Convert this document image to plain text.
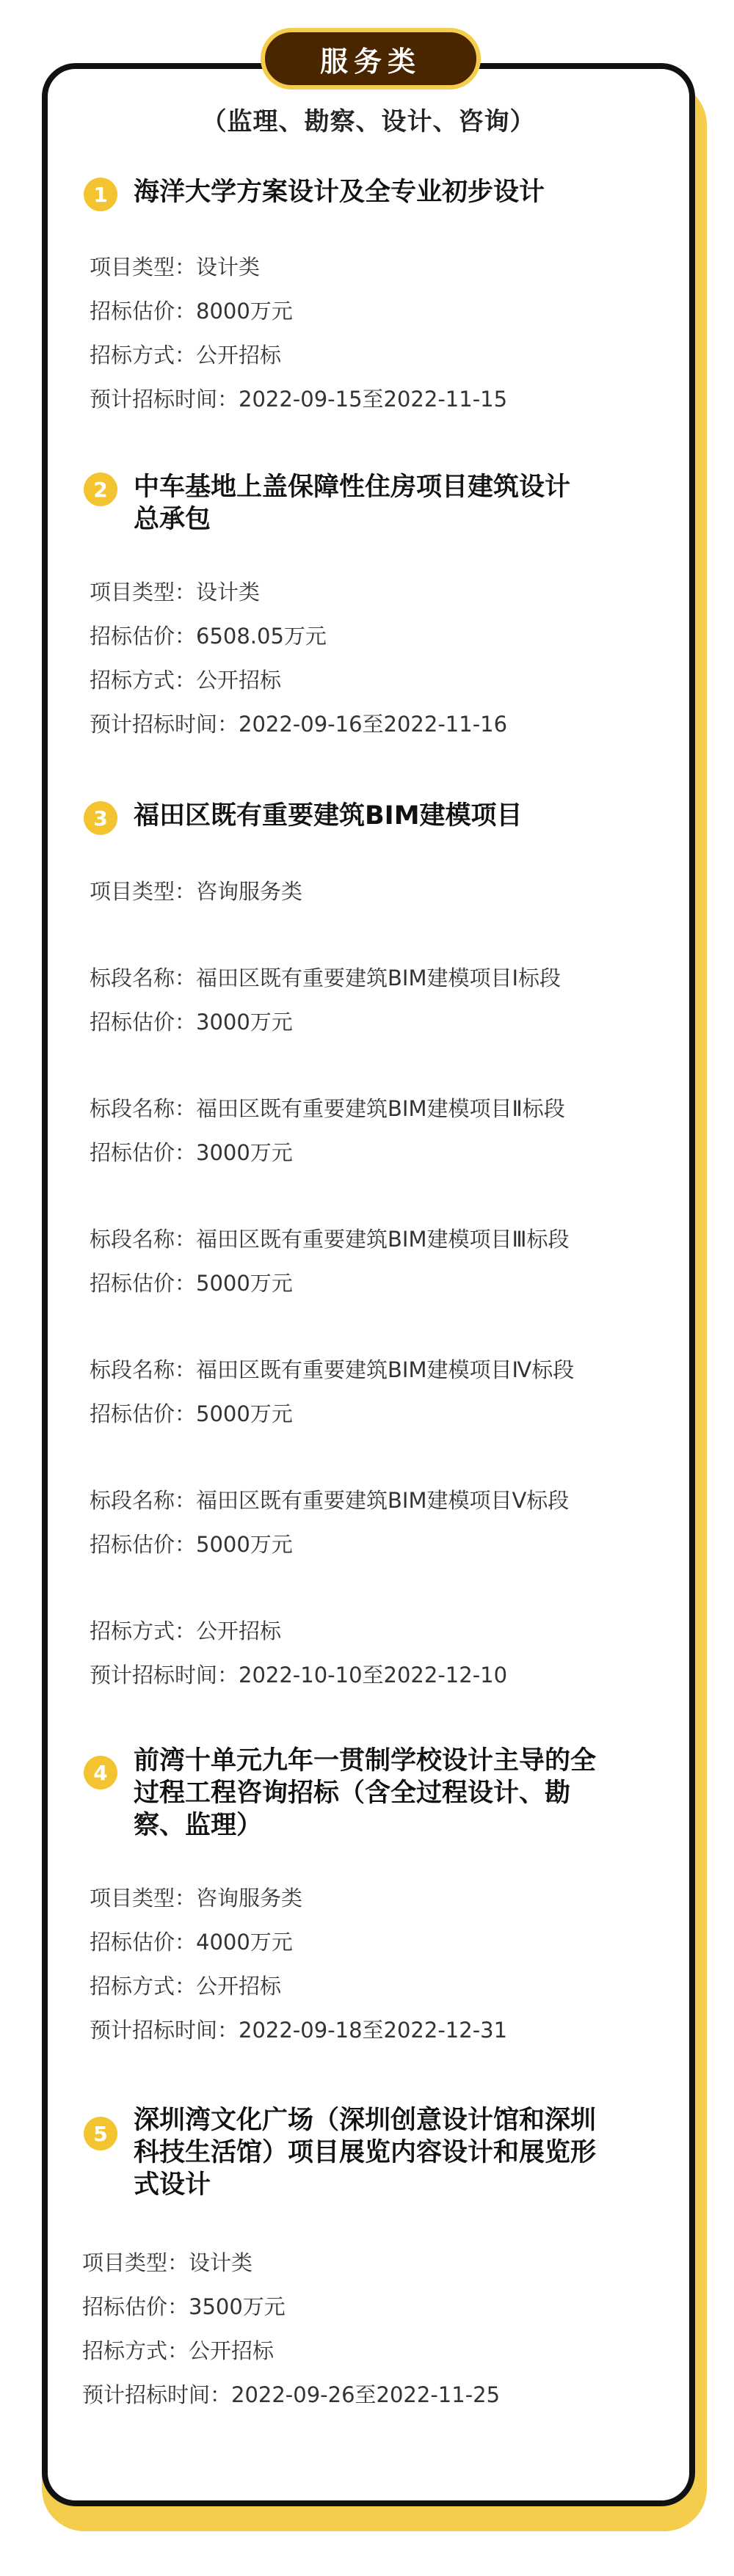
服务类
（监理、勘察、设计、咨询）
1	海洋大学方案设计及全专业初步设计
项目类型：设计类
招标估价：8000万元
招标方式：公开招标
预计招标时间：2022-09-15至2022-11-15
2	中车基地上盖保障性住房项目建筑设计
总承包
项目类型：设计类
招标估价：6508.05万元
招标方式：公开招标
预计招标时间：2022-09-16至2022-11-16
3	福田区既有重要建筑BIM建模项目
项目类型：咨询服务类
标段名称：福田区既有重要建筑BIM建模项目Ⅰ标段
招标估价：3000万元
标段名称：福田区既有重要建筑BIM建模项目Ⅱ标段
招标估价：3000万元
标段名称：福田区既有重要建筑BIM建模项目Ⅲ标段
招标估价：5000万元
标段名称：福田区既有重要建筑BIM建模项目Ⅳ标段
招标估价：5000万元
标段名称：福田区既有重要建筑BIM建模项目Ⅴ标段
招标估价：5000万元
招标方式：公开招标
预计招标时间：2022-10-10至2022-12-10
4	前湾十单元九年一贯制学校设计主导的全
过程工程咨询招标（含全过程设计、勘
察、监理）
项目类型：咨询服务类
招标估价：4000万元
招标方式：公开招标
预计招标时间：2022-09-18至2022-12-31
5	深圳湾文化广场（深圳创意设计馆和深圳
科技生活馆）项目展览内容设计和展览形
式设计
项目类型：设计类
招标估价：3500万元
招标方式：公开招标
预计招标时间：2022-09-26至2022-11-25
